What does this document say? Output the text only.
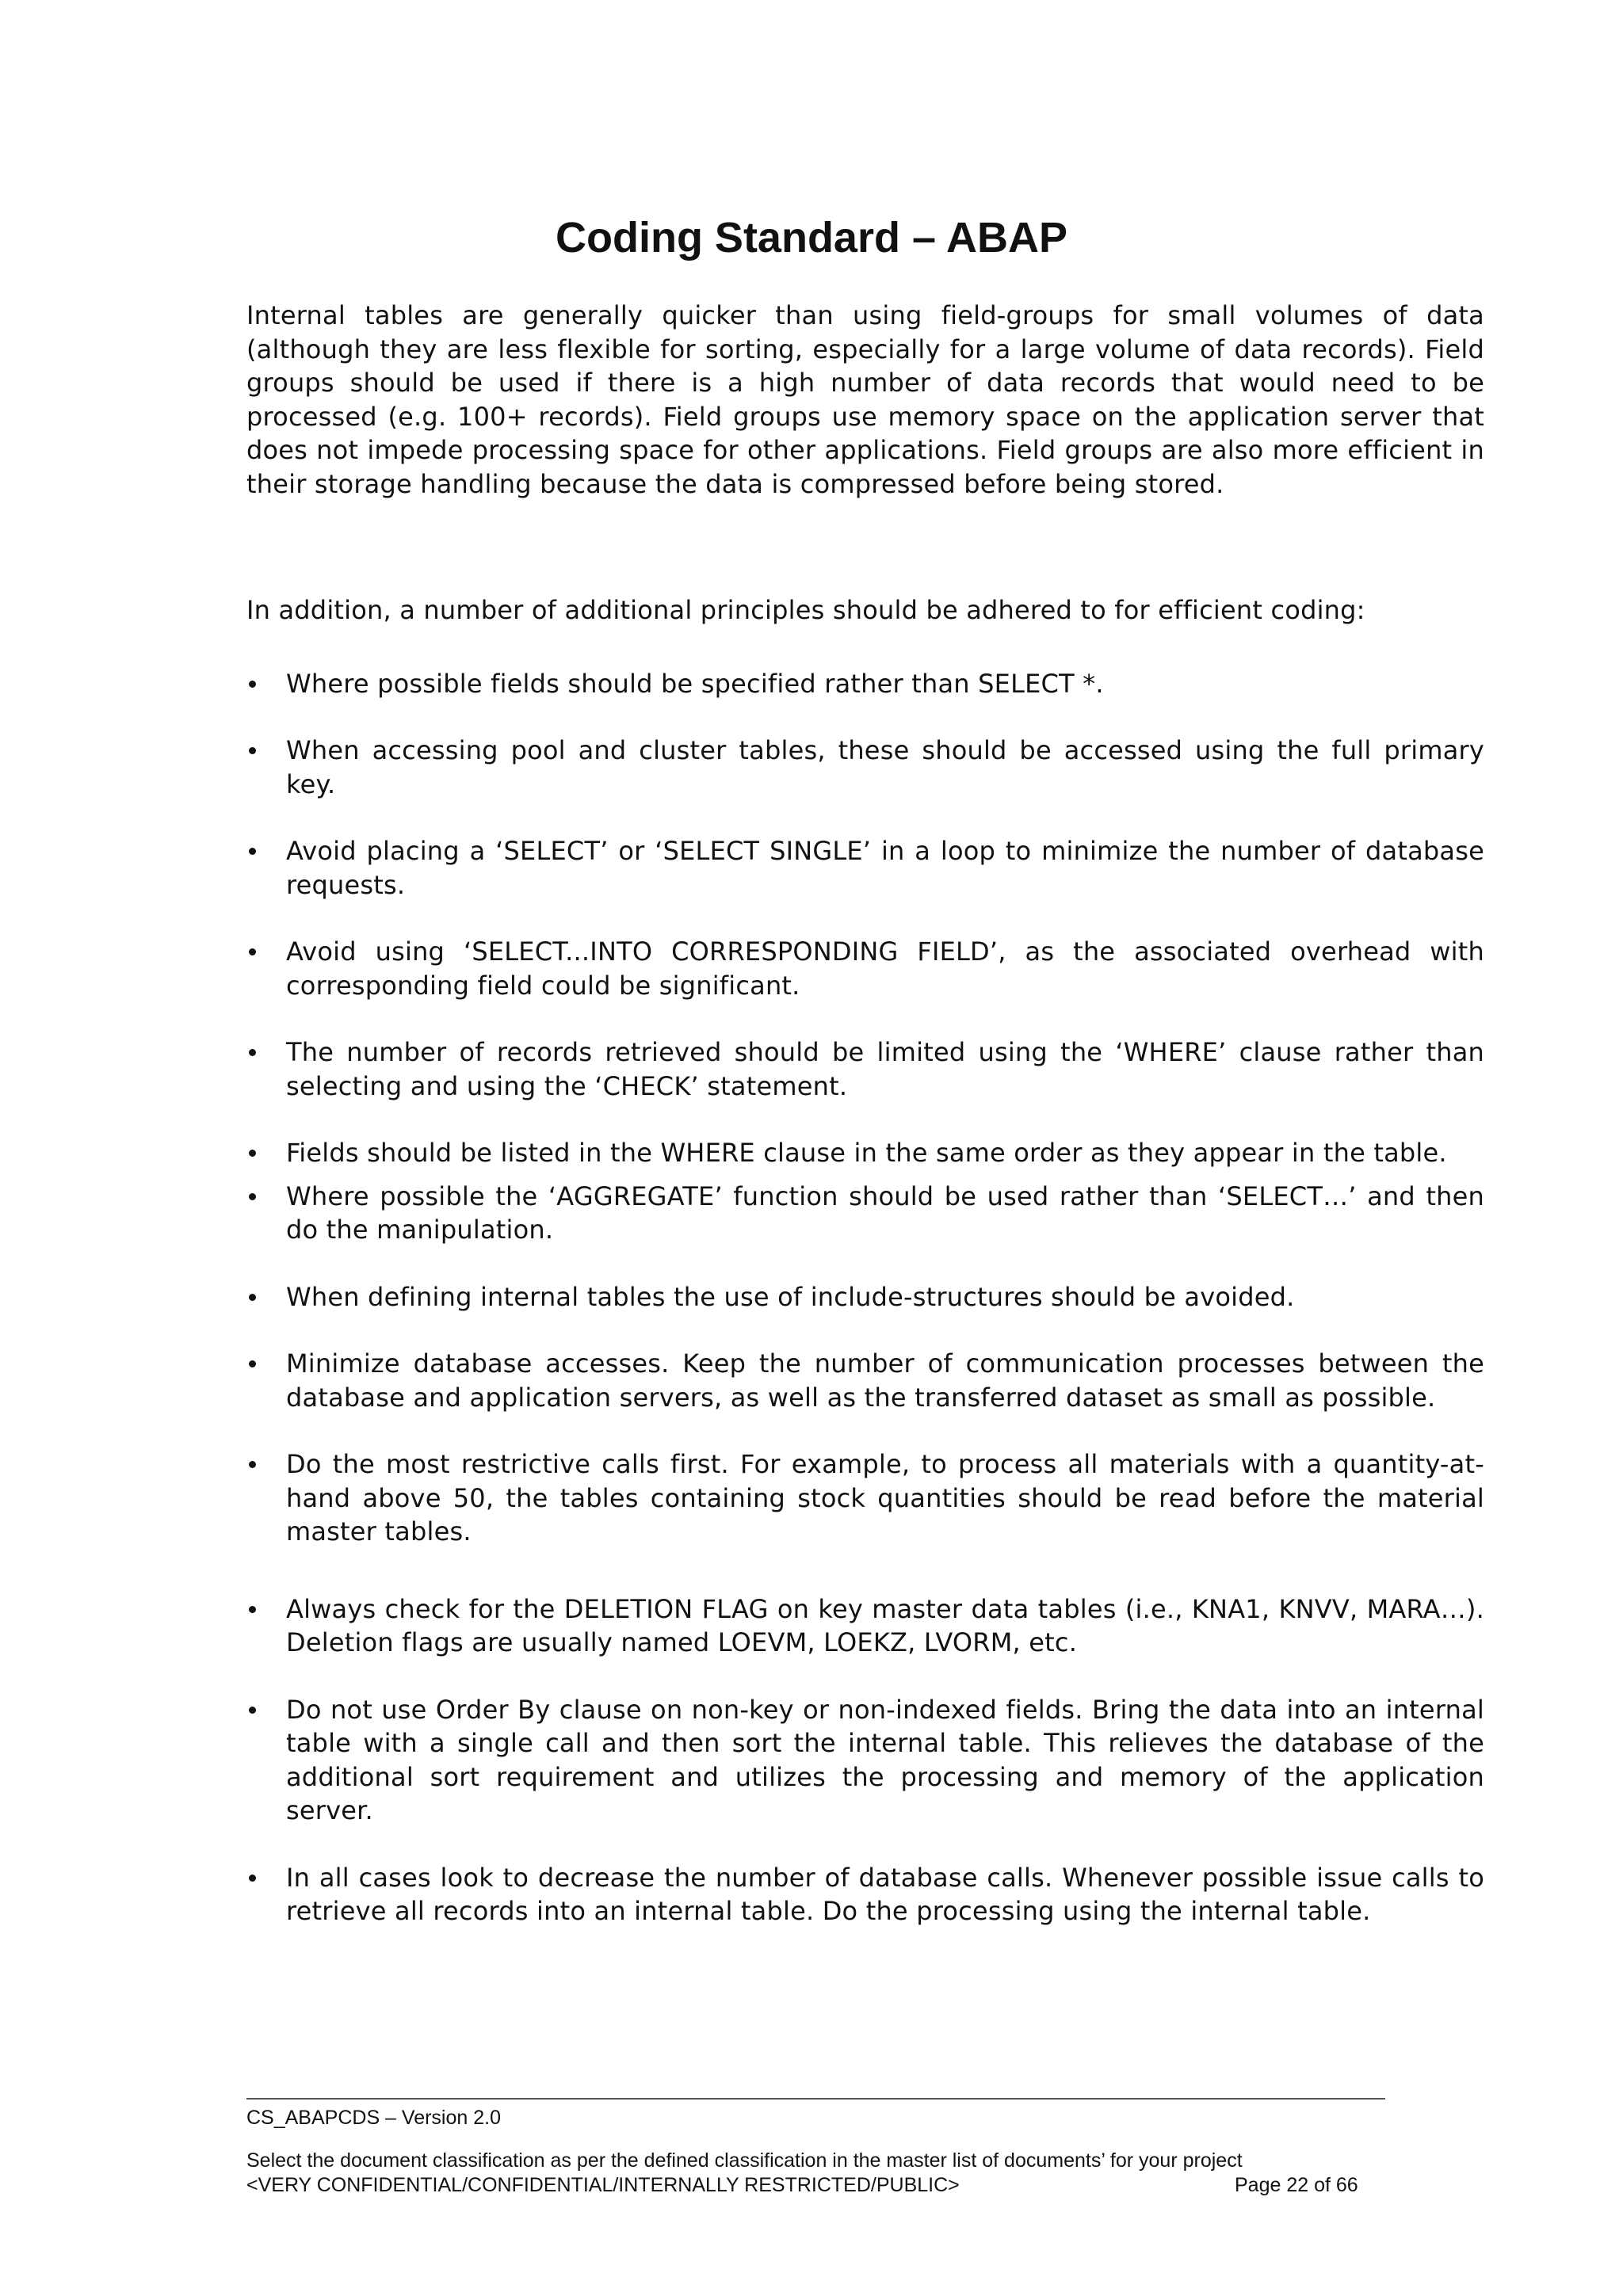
Coding Standard – ABAP

Internal tables are generally quicker than using field-groups for small volumes of data (although they are less flexible for sorting, especially for a large volume of data records). Field groups should be used if there is a high number of data records that would need to be processed (e.g. 100+ records). Field groups use memory space on the application server that does not impede processing space for other applications. Field groups are also more efficient in their storage handling because the data is compressed before being stored.

In addition, a number of additional principles should be adhered to for efficient coding:

Where possible fields should be specified rather than SELECT *.
When accessing pool and cluster tables, these should be accessed using the full primary key.
Avoid placing a ‘SELECT’ or ‘SELECT SINGLE’ in a loop to minimize the number of database requests.
Avoid using ‘SELECT...INTO CORRESPONDING FIELD’, as the associated overhead with corresponding field could be significant.
The number of records retrieved should be limited using the ‘WHERE’ clause rather than selecting and using the ‘CHECK’ statement.
Fields should be listed in the WHERE clause in the same order as they appear in the table.
Where possible the ‘AGGREGATE’ function should be used rather than ‘SELECT…’ and then do the manipulation.
When defining internal tables the use of include-structures should be avoided.
Minimize database accesses. Keep the number of communication processes between the database and application servers, as well as the transferred dataset as small as possible.
Do the most restrictive calls first. For example, to process all materials with a quantity-at-hand above 50, the tables containing stock quantities should be read before the material master tables.
Always check for the DELETION FLAG on key master data tables (i.e., KNA1, KNVV, MARA…). Deletion flags are usually named LOEVM, LOEKZ, LVORM, etc.
Do not use Order By clause on non-key or non-indexed fields. Bring the data into an internal table with a single call and then sort the internal table. This relieves the database of the additional sort requirement and utilizes the processing and memory of the application server.
In all cases look to decrease the number of database calls. Whenever possible issue calls to retrieve all records into an internal table. Do the processing using the internal table.
CS_ABAPCDS – Version 2.0
Select the document classification as per the defined classification in the master list of documents’ for your project
<VERY CONFIDENTIAL/CONFIDENTIAL/INTERNALLY RESTRICTED/PUBLIC>	Page 22 of 66
